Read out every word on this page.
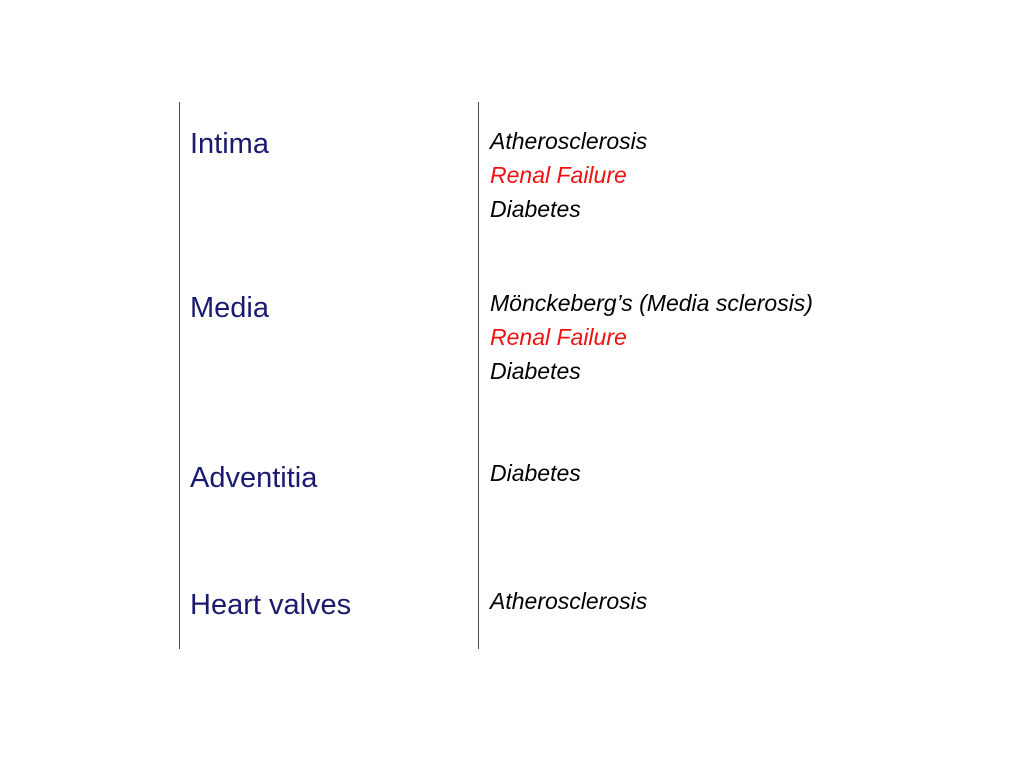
Intima	Atherosclerosis
Renal Failure
Diabetes
Media	Mönckeberg’s (Media sclerosis)
Renal Failure
Diabetes
Adventitia	Diabetes
Heart valves	Atherosclerosis
